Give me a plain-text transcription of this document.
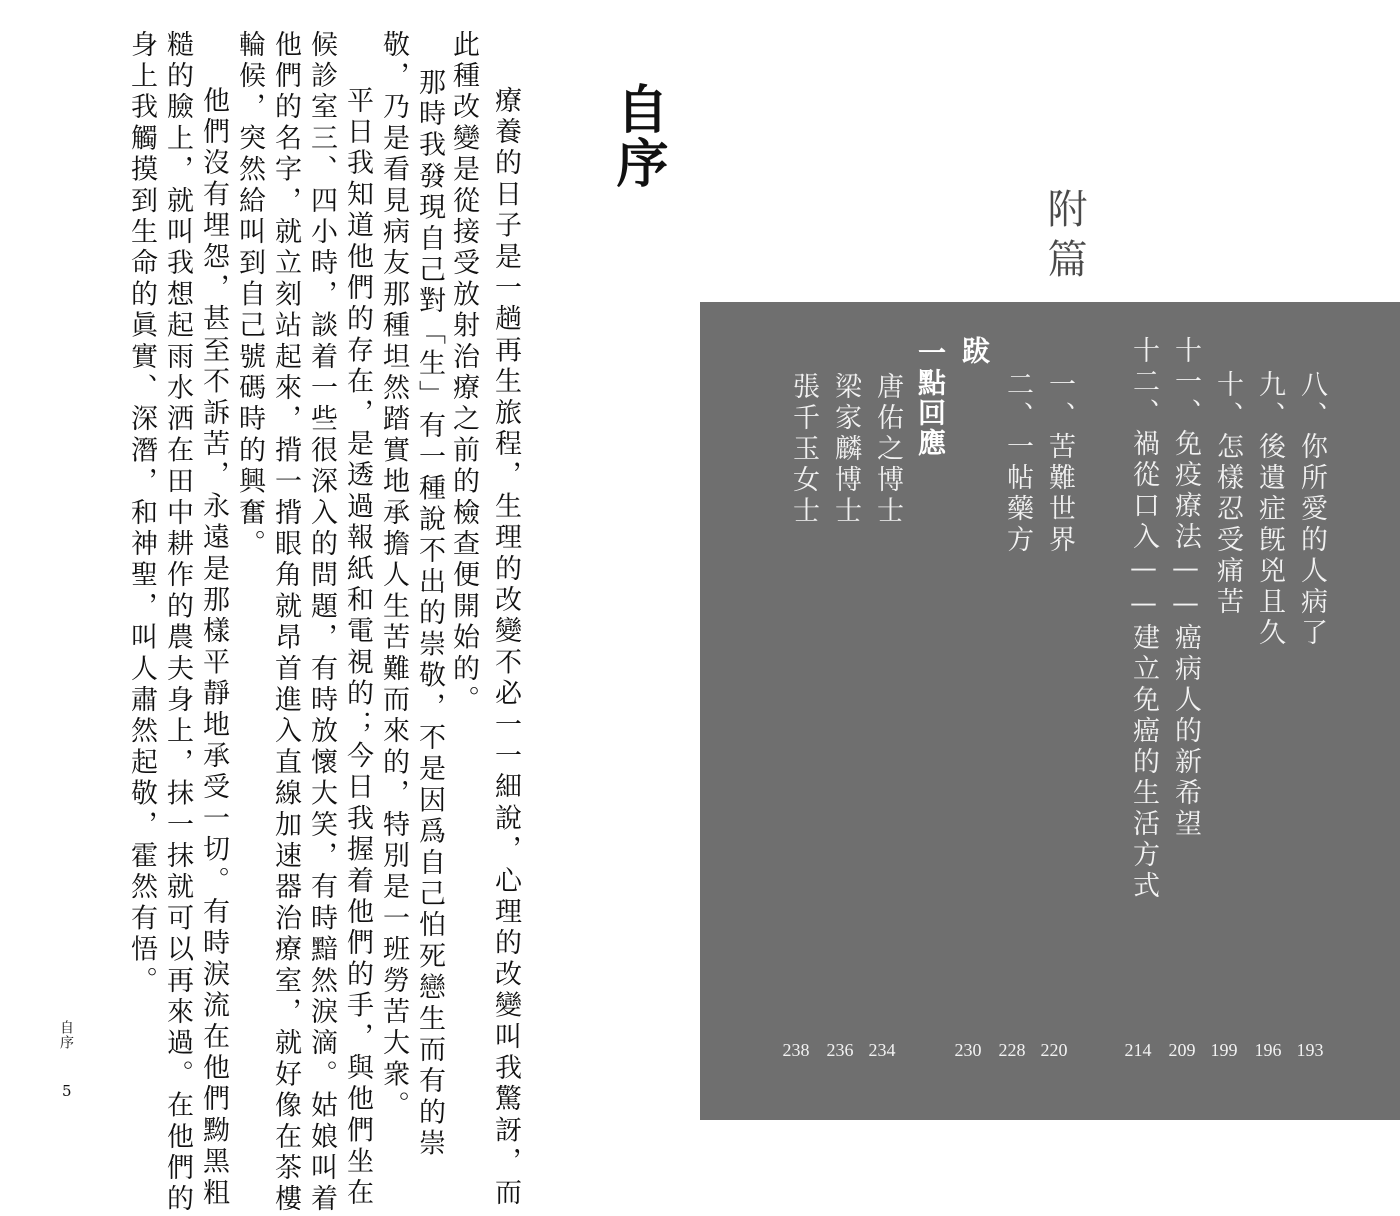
自序
療養的日子是一趟再生旅程，生理的改變不必一一細說，心理的改變叫我驚訝，而
此種改變是從接受放射治療之前的檢查便開始的。
那時我發現自己對「生」有一種說不出的崇敬，不是因爲自己怕死戀生而有的崇
敬，乃是看見病友那種坦然踏實地承擔人生苦難而來的，特別是一班勞苦大衆。
平日我知道他們的存在，是透過報紙和電視的；今日我握着他們的手，與他們坐在
候診室三、四小時，談着一些很深入的問題，有時放懷大笑，有時黯然淚滴。姑娘叫着
他們的名字，就立刻站起來，揹一揹眼角就昂首進入直線加速器治療室，就好像在茶樓
輪候，突然給叫到自己號碼時的興奮。
他們沒有埋怨，甚至不訴苦，永遠是那樣平靜地承受一切。有時淚流在他們黝黑粗
糙的臉上，就叫我想起雨水洒在田中耕作的農夫身上，抹一抹就可以再來過。在他們的
身上我觸摸到生命的眞實、深潛，和神聖，叫人肅然起敬，霍然有悟。
自序
5
附篇
八、你所愛的人病了
九、後遺症旣兇且久
十、怎樣忍受痛苦
十一、免疫療法——癌病人的新希望
十二、禍從口入——建立免癌的生活方式
跋
一、苦難世界
二、一帖藥方
一點回應
唐佑之博士
梁家麟博士
張千玉女士
193
196
199
209
214
220
228
234
236
238	230
